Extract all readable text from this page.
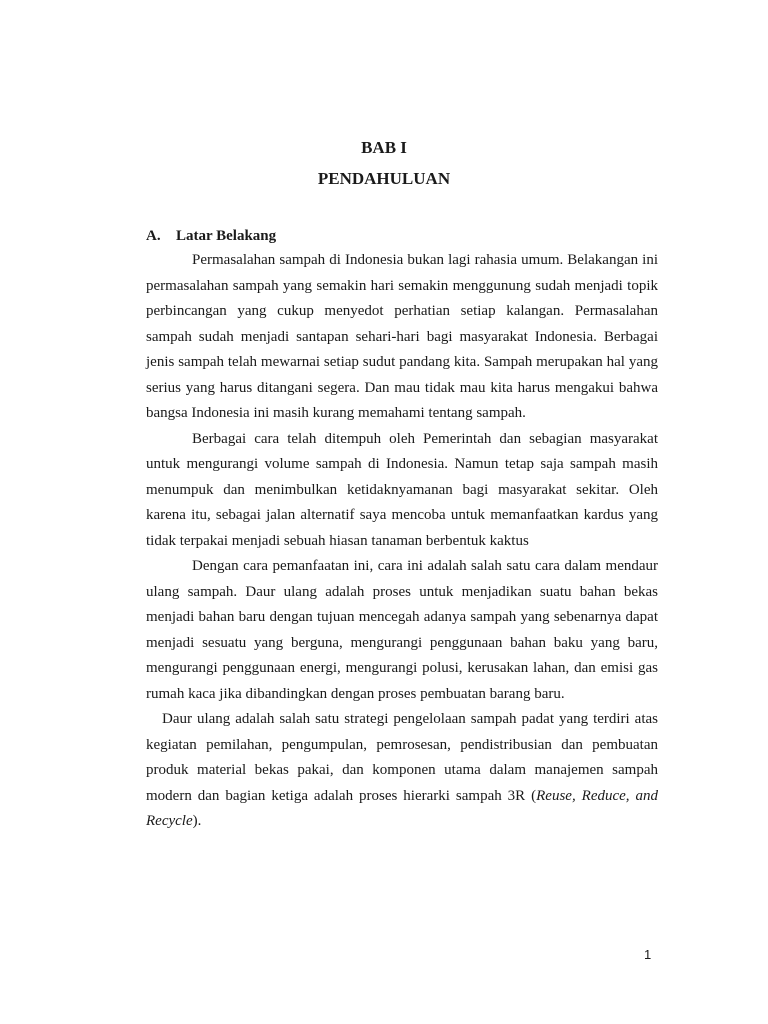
BAB I
PENDAHULUAN
A. Latar Belakang

Permasalahan sampah di Indonesia bukan lagi rahasia umum. Belakangan ini permasalahan sampah yang semakin hari semakin menggunung sudah menjadi topik perbincangan yang cukup menyedot perhatian setiap kalangan. Permasalahan sampah sudah menjadi santapan sehari-hari bagi masyarakat Indonesia. Berbagai jenis sampah telah mewarnai setiap sudut pandang kita. Sampah merupakan hal yang serius yang harus ditangani segera. Dan mau tidak mau kita harus mengakui bahwa bangsa Indonesia ini masih kurang memahami tentang sampah.

Berbagai cara telah ditempuh oleh Pemerintah dan sebagian masyarakat untuk mengurangi volume sampah di Indonesia. Namun tetap saja sampah masih menumpuk dan menimbulkan ketidaknyamanan bagi masyarakat sekitar. Oleh karena itu, sebagai jalan alternatif saya mencoba untuk memanfaatkan kardus yang tidak terpakai menjadi sebuah hiasan tanaman berbentuk kaktus

Dengan cara pemanfaatan ini, cara ini adalah salah satu cara dalam mendaur ulang sampah. Daur ulang adalah proses untuk menjadikan suatu bahan bekas menjadi bahan baru dengan tujuan mencegah adanya sampah yang sebenarnya dapat menjadi sesuatu yang berguna, mengurangi penggunaan bahan baku yang baru, mengurangi penggunaan energi, mengurangi polusi, kerusakan lahan, dan emisi gas rumah kaca jika dibandingkan dengan proses pembuatan barang baru.

Daur ulang adalah salah satu strategi pengelolaan sampah padat yang terdiri atas kegiatan pemilahan, pengumpulan, pemrosesan, pendistribusian dan pembuatan produk material bekas pakai, dan komponen utama dalam manajemen sampah modern dan bagian ketiga adalah proses hierarki sampah 3R (Reuse, Reduce, and Recycle).

1
